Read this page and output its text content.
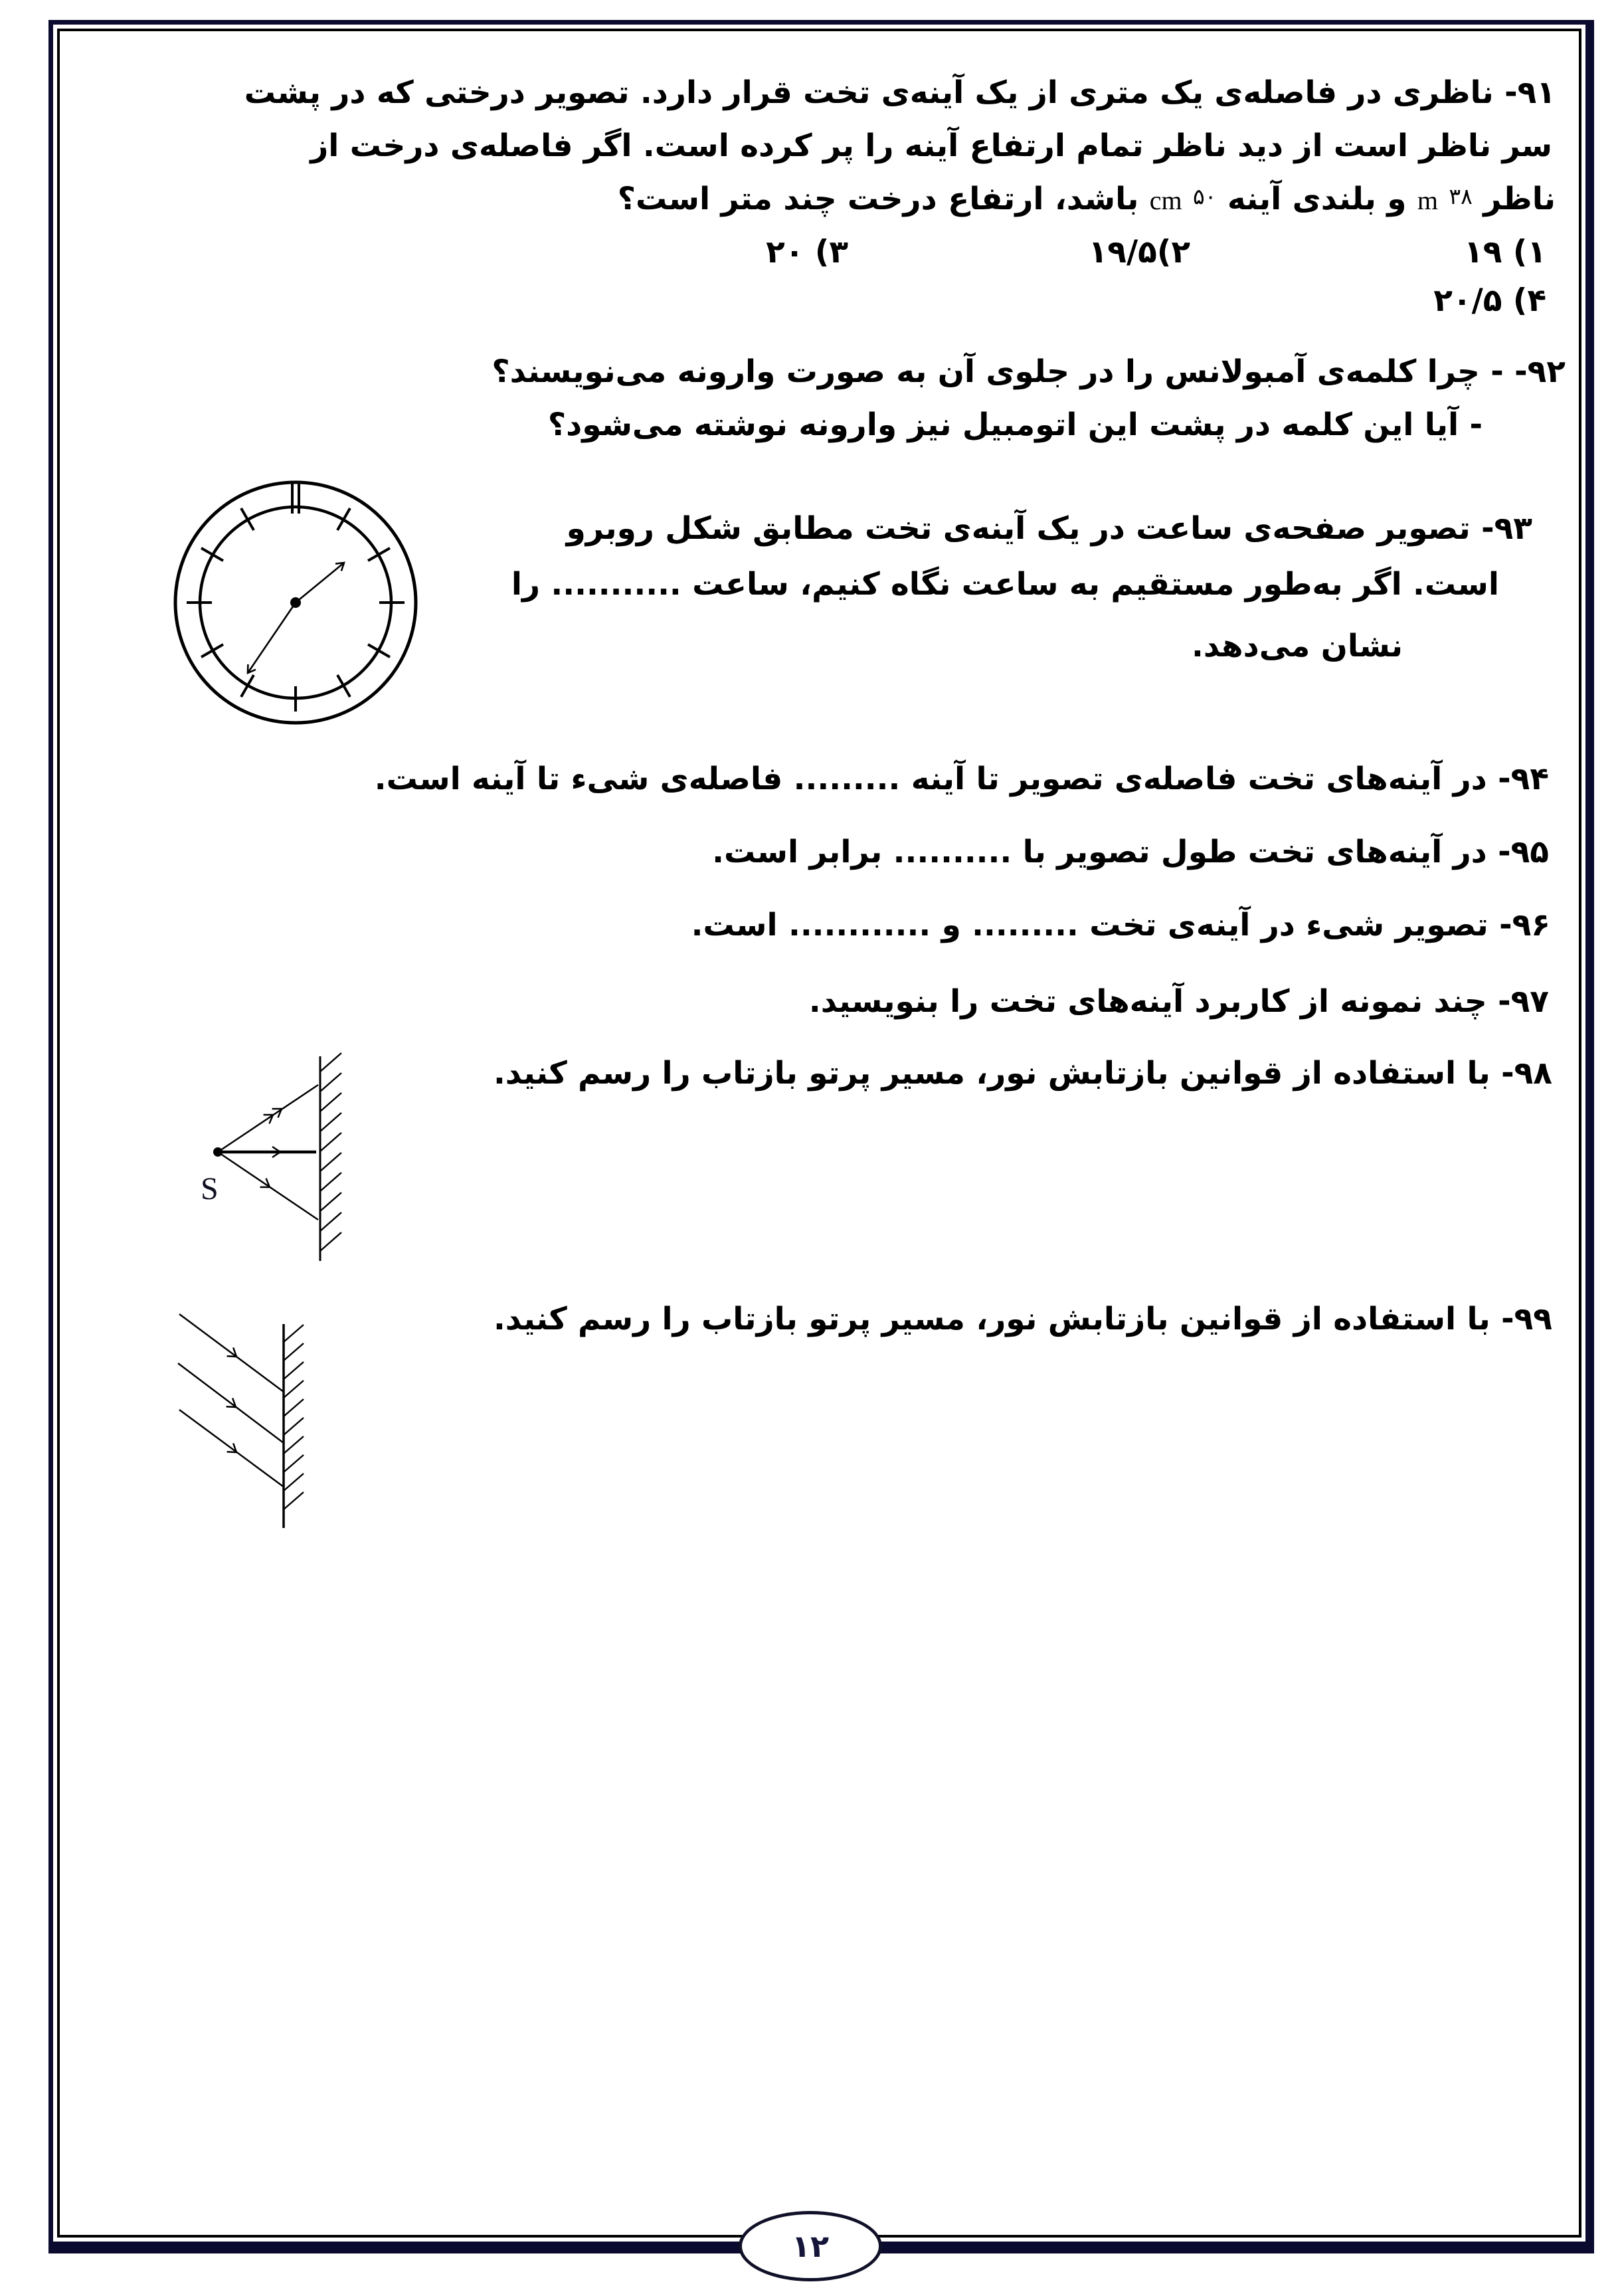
۹۱- ناظری در فاصله‌ی یک متری از یک آینه‌ی تخت قرار دارد. تصویر درختی که در پشت
سر ناظر است از دید ناظر تمام ارتفاع آینه را پر کرده است. اگر فاصله‌ی درخت از
ناظر ۳۸ m و بلندی آینه ۵۰ cm باشد، ارتفاع درخت چند متر است؟
۱) ۱۹
۲)۱۹/۵
۳) ۲۰
۴) ۲۰/۵
۹۲- - چرا کلمه‌ی آمبولانس را در جلوی آن به صورت وارونه می‌نویسند؟
- آیا این کلمه در پشت این اتومبیل نیز وارونه نوشته می‌شود؟
۹۳- تصویر صفحه‌ی ساعت در یک آینه‌ی تخت مطابق شکل روبرو
است. اگر به‌طور مستقیم به ساعت نگاه کنیم، ساعت ........... را
نشان می‌دهد.
۹۴- در آینه‌های تخت فاصله‌ی تصویر تا آینه ......... فاصله‌ی شیء تا آینه است.
۹۵- در آینه‌های تخت طول تصویر با .......... برابر است.
۹۶- تصویر شیء در آینه‌ی تخت ......... و ............ است.
۹۷- چند نمونه از کاربرد آینه‌های تخت را بنویسید.
۹۸- با استفاده از قوانین بازتابش نور، مسیر پرتو بازتاب را رسم کنید.
S
۹۹- با استفاده از قوانین بازتابش نور، مسیر پرتو بازتاب را رسم کنید.
۱۲
